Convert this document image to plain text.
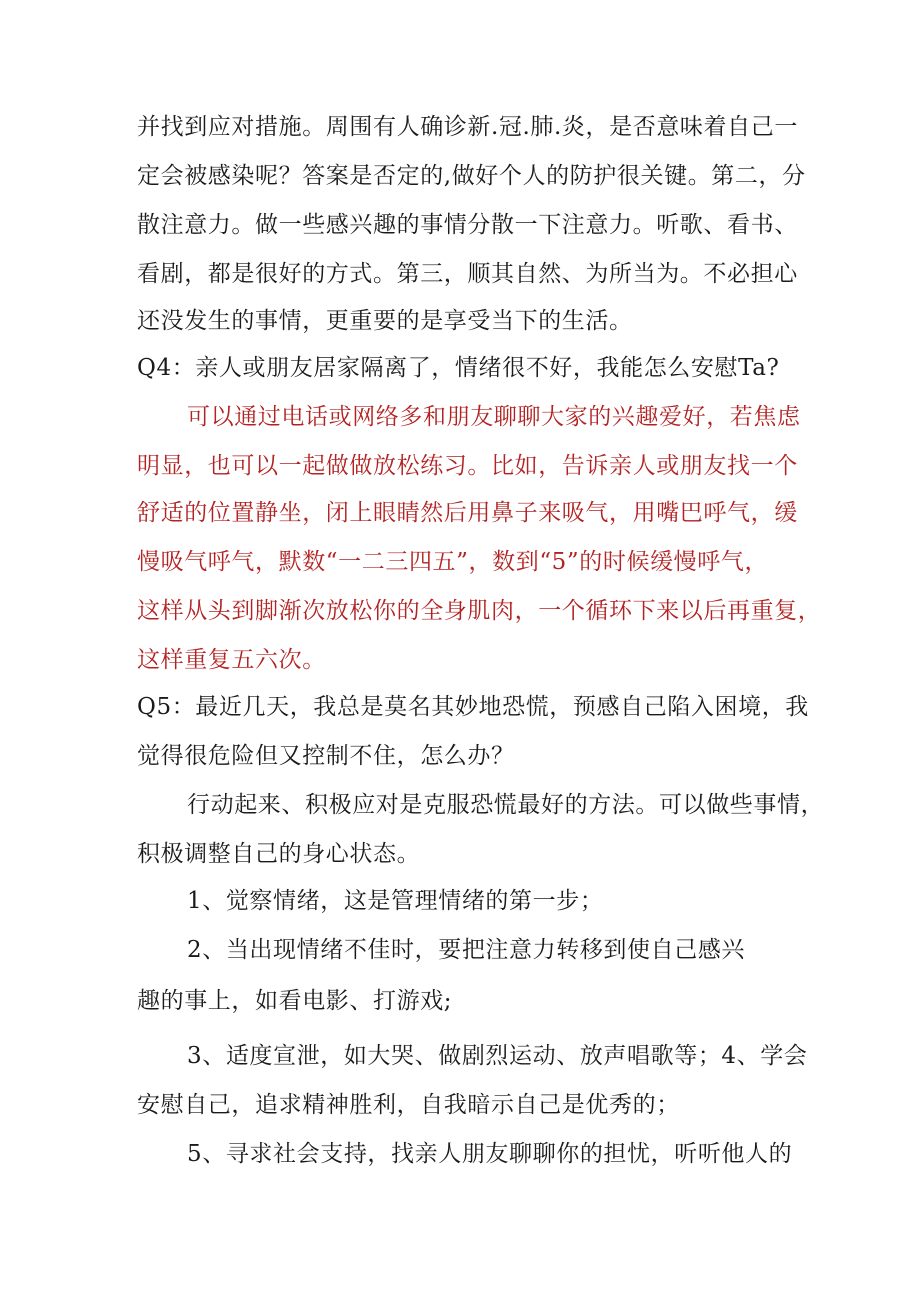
并找到应对措施。周围有人确诊新.冠.肺.炎，是否意味着自己一
定会被感染呢？答案是否定的,做好个人的防护很关键。第二，分
散注意力。做一些感兴趣的事情分散一下注意力。听歌、看书、
看剧，都是很好的方式。第三，顺其自然、为所当为。不必担心
还没发生的事情，更重要的是享受当下的生活。
Q4：亲人或朋友居家隔离了，情绪很不好，我能怎么安慰Ta?
可以通过电话或网络多和朋友聊聊大家的兴趣爱好，若焦虑
明显，也可以一起做做放松练习。比如，告诉亲人或朋友找一个
舒适的位置静坐，闭上眼睛然后用鼻子来吸气，用嘴巴呼气，缓
慢吸气呼气，默数“一二三四五”，数到“5”的时候缓慢呼气，
这样从头到脚渐次放松你的全身肌肉，一个循环下来以后再重复，
这样重复五六次。
Q5：最近几天，我总是莫名其妙地恐慌，预感自己陷入困境，我
觉得很危险但又控制不住，怎么办？
行动起来、积极应对是克服恐慌最好的方法。可以做些事情，
积极调整自己的身心状态。
1、觉察情绪，这是管理情绪的第一步；
2、当出现情绪不佳时，要把注意力转移到使自己感兴
趣的事上，如看电影、打游戏;
3、适度宣泄，如大哭、做剧烈运动、放声唱歌等；4、学会
安慰自己，追求精神胜利，自我暗示自己是优秀的；
5、寻求社会支持，找亲人朋友聊聊你的担忧，听听他人的
